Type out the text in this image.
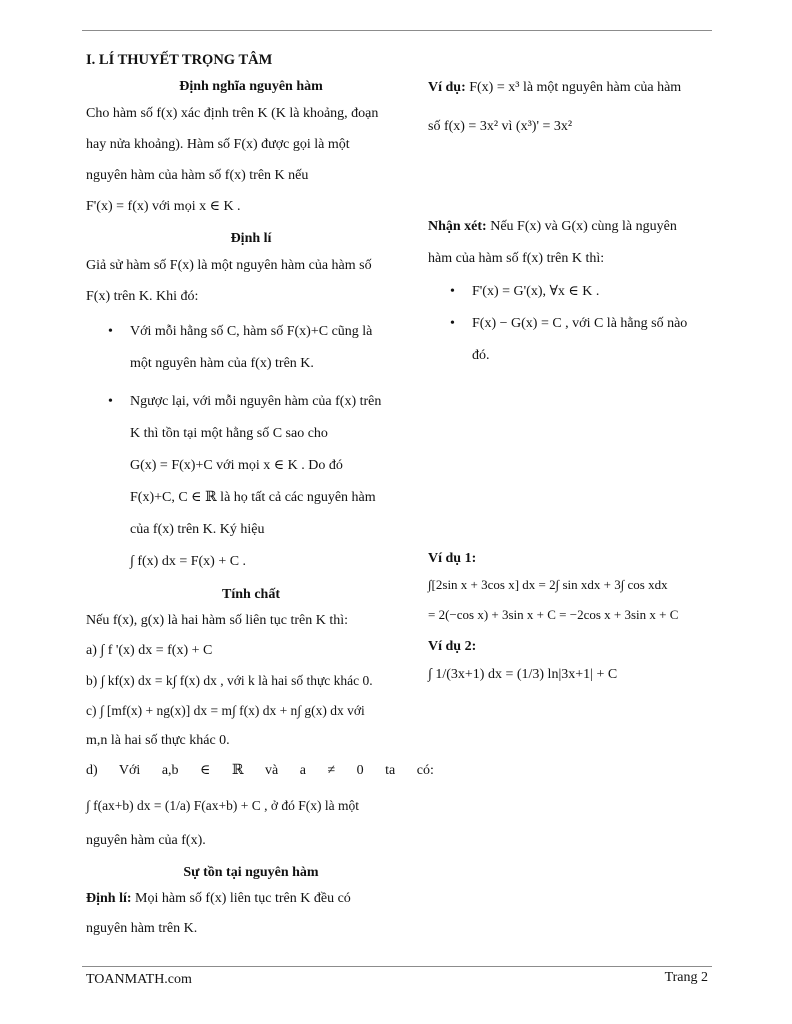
I. LÍ THUYẾT TRỌNG TÂM
Định nghĩa nguyên hàm

Cho hàm số f(x) xác định trên K (K là khoảng, đoạn

hay nửa khoảng). Hàm số F(x) được gọi là một

nguyên hàm của hàm số f(x) trên K nếu

F'(x) = f(x) với mọi x ∈ K .

Định lí

Giả sử hàm số F(x) là một nguyên hàm của hàm số

F(x) trên K. Khi đó:

• Với mỗi hằng số C, hàm số F(x)+C cũng là
một nguyên hàm của f(x) trên K.
• Ngược lại, với mỗi nguyên hàm của f(x) trên
K thì tồn tại một hằng số C sao cho
G(x) = F(x)+C với mọi x ∈ K . Do đó
F(x)+C, C ∈ ℝ là họ tất cả các nguyên hàm
của f(x) trên K. Ký hiệu
∫ f(x) dx = F(x) + C .
Tính chất
Nếu f(x), g(x) là hai hàm số liên tục trên K thì:
a) ∫ f '(x) dx = f(x) + C
b) ∫ kf(x) dx = k∫ f(x) dx , với k là hai số thực khác 0.
c) ∫ [mf(x) + ng(x)] dx = m∫ f(x) dx + n∫ g(x) dx với
m,n là hai số thực khác 0.
d) Với a,b ∈ ℝ và a ≠ 0 ta có:
∫ f(ax+b) dx = (1/a) F(ax+b) + C , ở đó F(x) là một
nguyên hàm của f(x).
Sự tồn tại nguyên hàm
Định lí: Mọi hàm số f(x) liên tục trên K đều có
nguyên hàm trên K.
Ví dụ: F(x) = x³ là một nguyên hàm của hàm
số f(x) = 3x² vì (x³)' = 3x²
Nhận xét: Nếu F(x) và G(x) cùng là nguyên
hàm của hàm số f(x) trên K thì:
• F'(x) = G'(x), ∀x ∈ K .
• F(x) − G(x) = C , với C là hằng số nào
đó.
Ví dụ 1:
∫[2sin x + 3cos x] dx = 2∫ sin xdx + 3∫ cos xdx
= 2(−cos x) + 3sin x + C = −2cos x + 3sin x + C
Ví dụ 2:
∫ 1/(3x+1) dx = (1/3) ln|3x+1| + C
TOANMATH.com	Trang 2
